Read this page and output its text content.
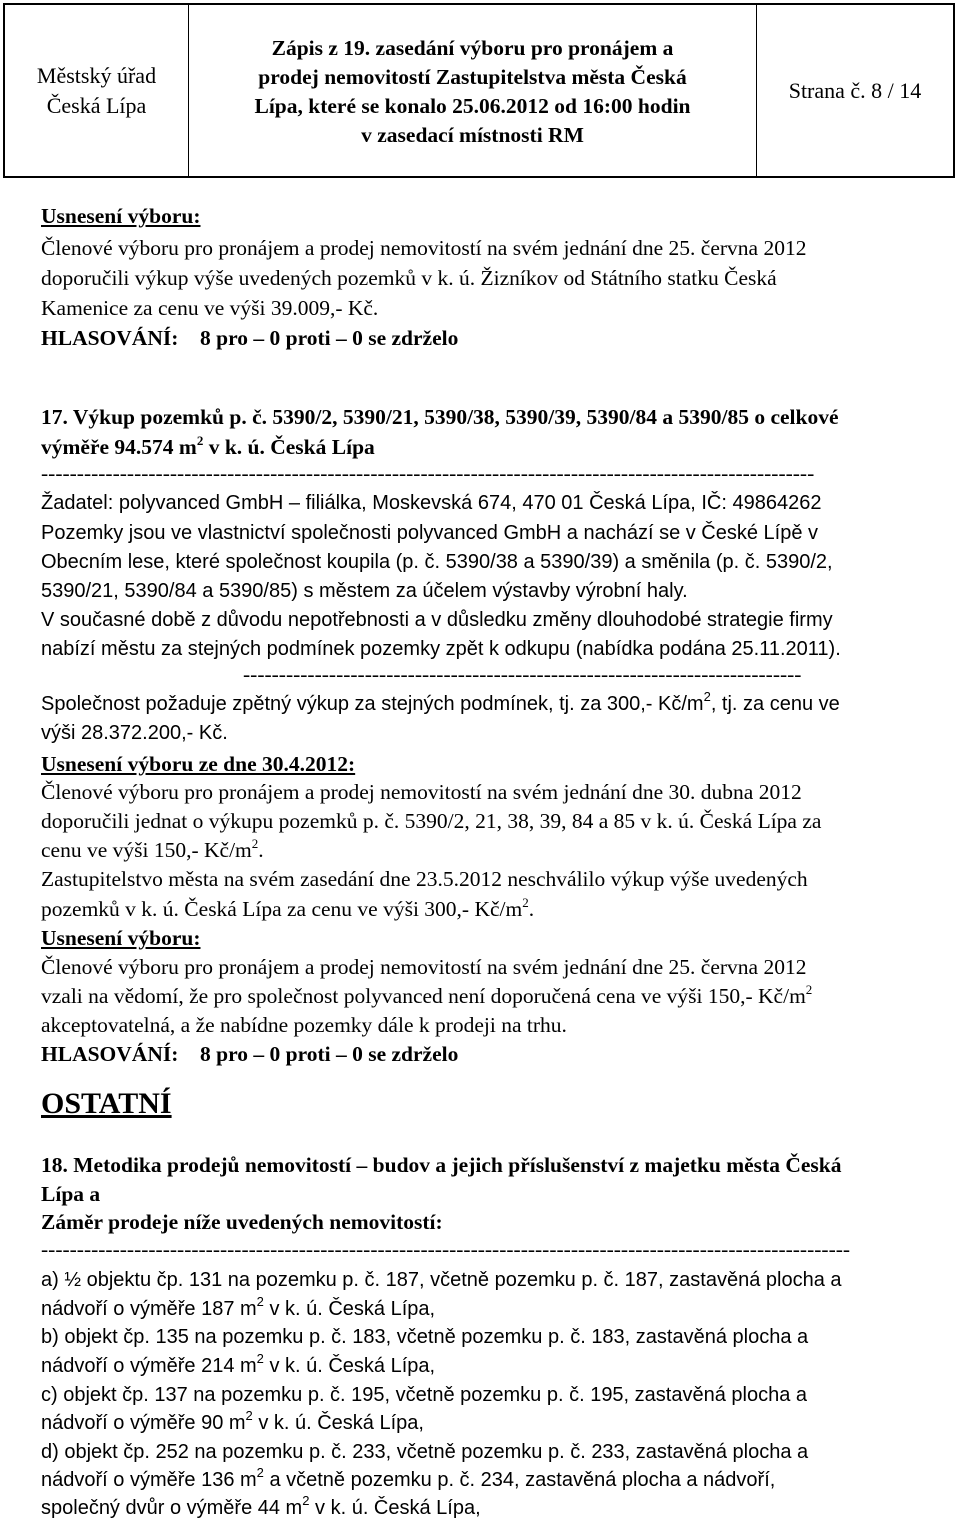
Městský úřad
Česká Lípa
Zápis z 19. zasedání výboru pro pronájem a
prodej nemovitostí Zastupitelstva města Česká
Lípa, které se konalo 25.06.2012 od 16:00 hodin
v zasedací místnosti RM
Strana č. 8 / 14
Usnesení výboru:
Členové výboru pro pronájem a prodej nemovitostí na svém jednání dne 25. června 2012
doporučili výkup výše uvedených pozemků v k. ú. Žizníkov od Státního statku Česká
Kamenice za cenu ve výši 39.009,- Kč.
HLASOVÁNÍ: 8 pro – 0 proti – 0 se zdrželo
17. Výkup pozemků p. č. 5390/2, 5390/21, 5390/38, 5390/39, 5390/84 a 5390/85 o celkové
výměře 94.574 $m^2$ v k. ú. Česká Lípa
------------------------------------------------------------------------------------------------------------
Žadatel: polyvanced GmbH – filiálka, Moskevská 674, 470 01 Česká Lípa, IČ: 49864262
Pozemky jsou ve vlastnictví společnosti polyvanced GmbH a nachází se v České Lípě v
Obecním lese, které společnost koupila (p. č. 5390/38 a 5390/39) a směnila (p. č. 5390/2,
5390/21, 5390/84 a 5390/85) s městem za účelem výstavby výrobní haly.
V současné době z důvodu nepotřebnosti a v důsledku změny dlouhodobé strategie firmy
nabízí městu za stejných podmínek pozemky zpět k odkupu (nabídka podána 25.11.2011).
------------------------------------------------------------------------------
Společnost požaduje zpětný výkup za stejných podmínek, tj. za 300,- $Kč/m^2$, tj. za cenu ve
výši 28.372.200,- Kč.
Usnesení výboru ze dne 30.4.2012:
Členové výboru pro pronájem a prodej nemovitostí na svém jednání dne 30. dubna 2012
doporučili jednat o výkupu pozemků p. č. 5390/2, 21, 38, 39, 84 a 85 v k. ú. Česká Lípa za
cenu ve výši 150,- $Kč/m^2$.
Zastupitelstvo města na svém zasedání dne 23.5.2012 neschválilo výkup výše uvedených
pozemků v k. ú. Česká Lípa za cenu ve výši 300,- $Kč/m^2$.
Usnesení výboru:
Členové výboru pro pronájem a prodej nemovitostí na svém jednání dne 25. června 2012
vzali na vědomí, že pro společnost polyvanced není doporučená cena ve výši 150,- $Kč/m^2$
akceptovatelná, a že nabídne pozemky dále k prodeji na trhu.
HLASOVÁNÍ: 8 pro – 0 proti – 0 se zdrželo
OSTATNÍ
18. Metodika prodejů nemovitostí – budov a jejich příslušenství z majetku města Česká
Lípa a
Záměr prodeje níže uvedených nemovitostí:
-----------------------------------------------------------------------------------------------------------------
a) ½ objektu čp. 131 na pozemku p. č. 187, včetně pozemku p. č. 187, zastavěná plocha a
nádvoří o výměře 187 $m^2$ v k. ú. Česká Lípa,
b) objekt čp. 135 na pozemku p. č. 183, včetně pozemku p. č. 183, zastavěná plocha a
nádvoří o výměře 214 $m^2$ v k. ú. Česká Lípa,
c) objekt čp. 137 na pozemku p. č. 195, včetně pozemku p. č. 195, zastavěná plocha a
nádvoří o výměře 90 $m^2$ v k. ú. Česká Lípa,
d) objekt čp. 252 na pozemku p. č. 233, včetně pozemku p. č. 233, zastavěná plocha a
nádvoří o výměře 136 $m^2$ a včetně pozemku p. č. 234, zastavěná plocha a nádvoří,
společný dvůr o výměře 44 $m^2$ v k. ú. Česká Lípa,
